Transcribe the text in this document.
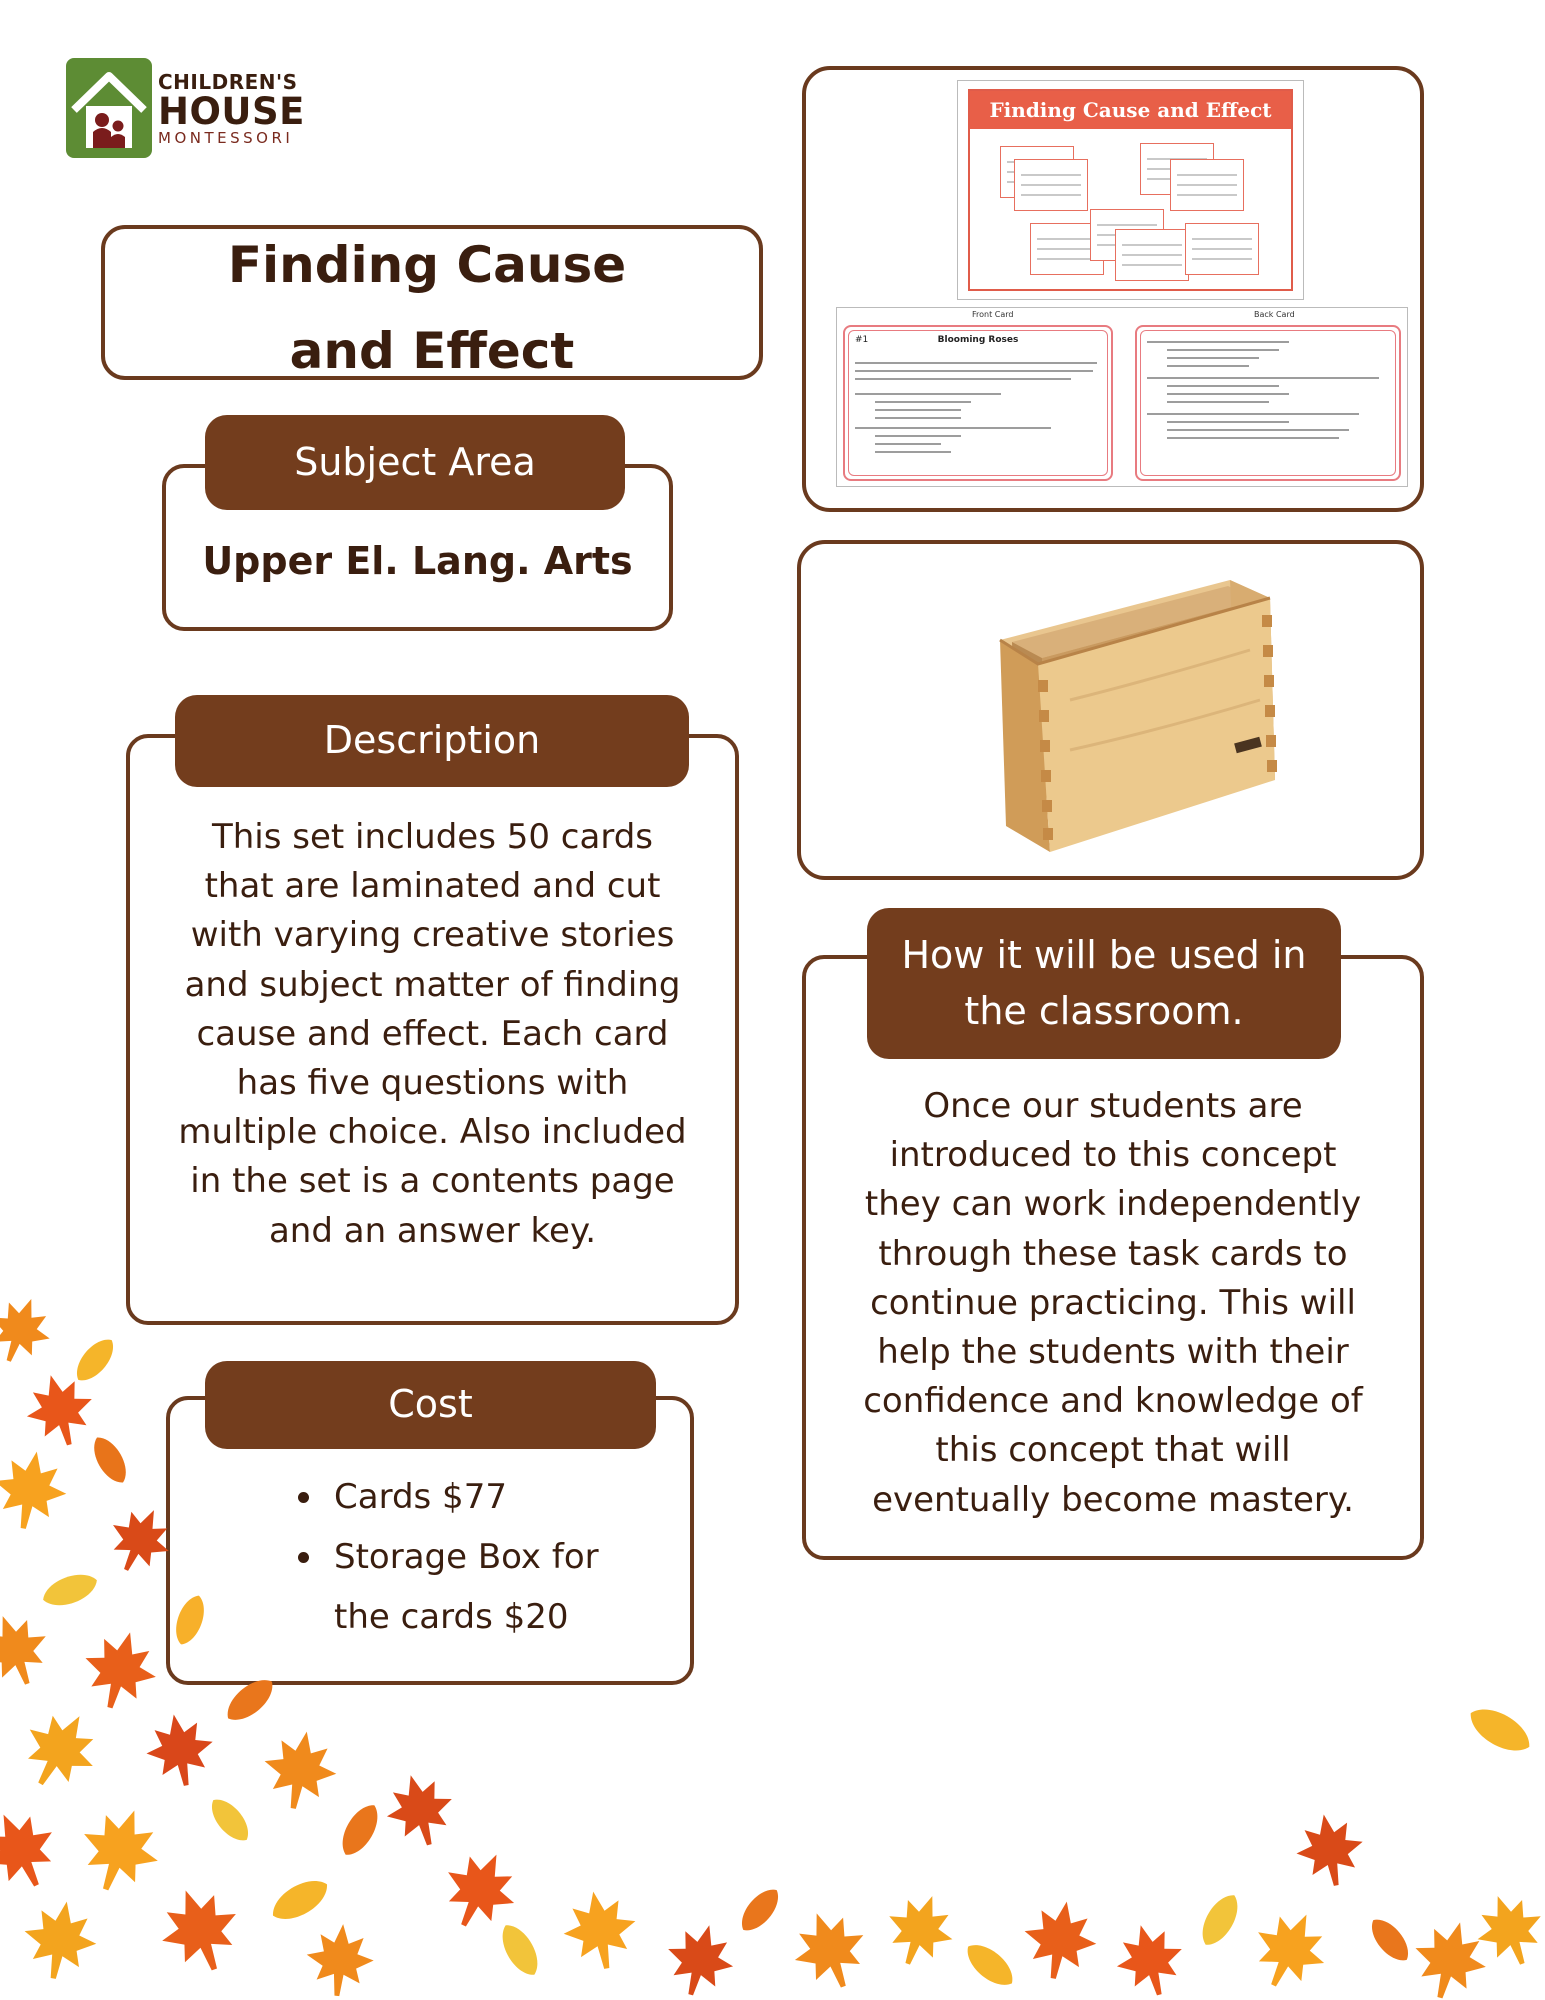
CHILDREN'S
HOUSE
MONTESSORI
Finding Cause
and Effect
Subject Area
Upper El. Lang. Arts
Description
This set includes 50 cards
that are laminated and cut
with varying creative stories
and subject matter of finding
cause and effect. Each card
has five questions with
multiple choice. Also included
in the set is a contents page
and an answer key.
Cost
Cards $77
Storage Box for
the cards $20
Finding Cause and Effect
Front Card	Back Card
#1	Blooming Roses
How it will be used in
the classroom.
Once our students are
introduced to this concept
they can work independently
through these task cards to
continue practicing. This will
help the students with their
confidence and knowledge of
this concept that will
eventually become mastery.
